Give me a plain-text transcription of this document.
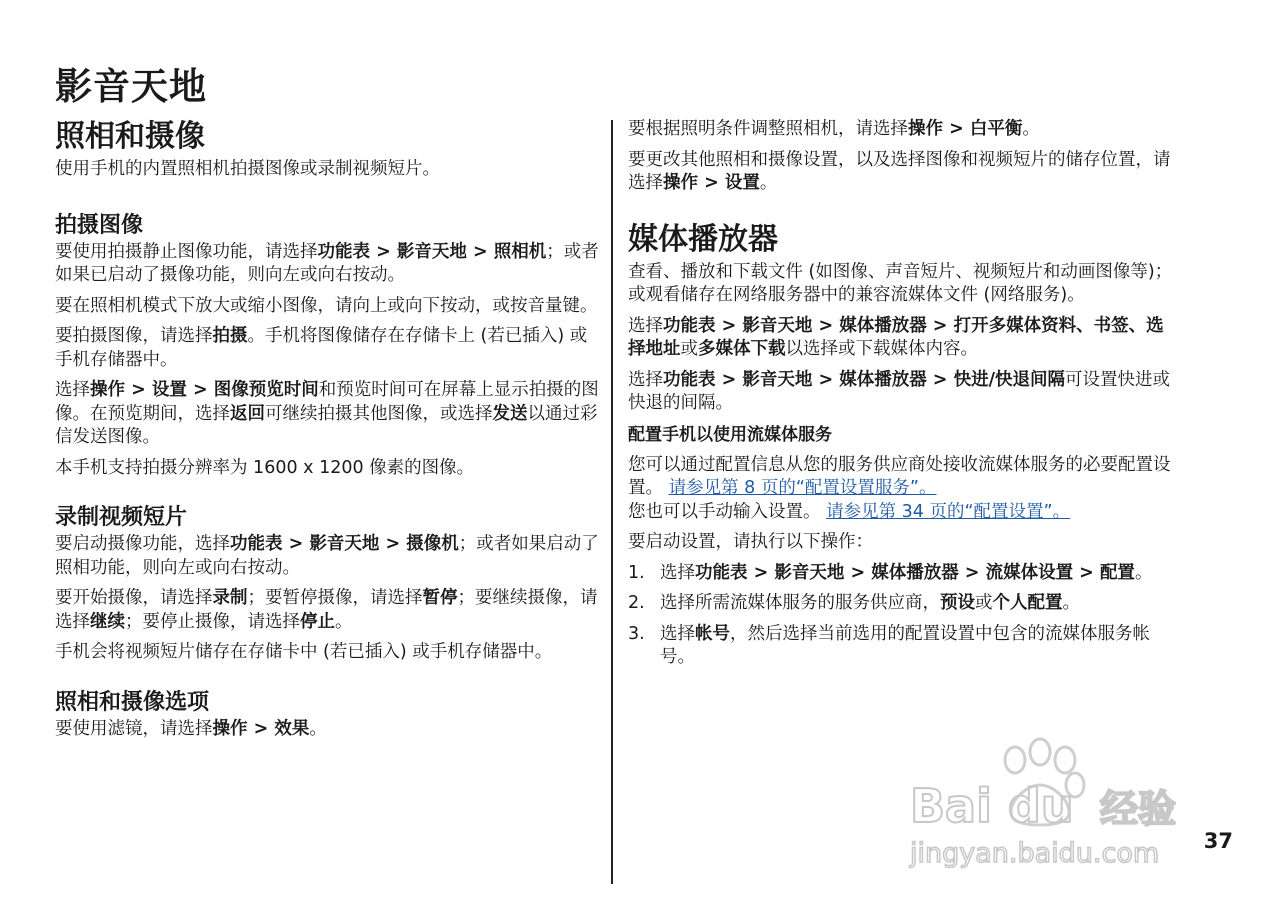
影音天地
照相和摄像

使用手机的内置照相机拍摄图像或录制视频短片。

拍摄图像

要使用拍摄静止图像功能，请选择功能表 > 影音天地 > 照相机；或者如果已启动了摄像功能，则向左或向右按动。

要在照相机模式下放大或缩小图像，请向上或向下按动，或按音量键。

要拍摄图像，请选择拍摄。手机将图像储存在存储卡上 (若已插入) 或手机存储器中。

选择操作 > 设置 > 图像预览时间和预览时间可在屏幕上显示拍摄的图像。在预览期间，选择返回可继续拍摄其他图像，或选择发送以通过彩信发送图像。

本手机支持拍摄分辨率为 1600 x 1200 像素的图像。

录制视频短片

要启动摄像功能，选择功能表 > 影音天地 > 摄像机；或者如果启动了照相功能，则向左或向右按动。

要开始摄像，请选择录制；要暂停摄像，请选择暂停；要继续摄像，请选择继续；要停止摄像，请选择停止。

手机会将视频短片储存在存储卡中 (若已插入) 或手机存储器中。

照相和摄像选项

要使用滤镜，请选择操作 > 效果。

要根据照明条件调整照相机，请选择操作 > 白平衡。

要更改其他照相和摄像设置，以及选择图像和视频短片的储存位置，请选择操作 > 设置。

媒体播放器

查看、播放和下载文件 (如图像、声音短片、视频短片和动画图像等)；或观看储存在网络服务器中的兼容流媒体文件 (网络服务)。

选择功能表 > 影音天地 > 媒体播放器 > 打开多媒体资料、书签、选择地址或多媒体下载以选择或下载媒体内容。

选择功能表 > 影音天地 > 媒体播放器 > 快进/快退间隔可设置快进或快退的间隔。

配置手机以使用流媒体服务

您可以通过配置信息从您的服务供应商处接收流媒体服务的必要配置设置。 请参见第 8 页的“配置设置服务”。
您也可以手动输入设置。 请参见第 34 页的“配置设置”。

要启动设置，请执行以下操作：

1. 选择功能表 > 影音天地 > 媒体播放器 > 流媒体设置 > 配置。
2. 选择所需流媒体服务的服务供应商，预设或个人配置。
3. 选择帐号，然后选择当前选用的配置设置中包含的流媒体服务帐号。
Bai du 经验
jingyan.baidu.com 37
